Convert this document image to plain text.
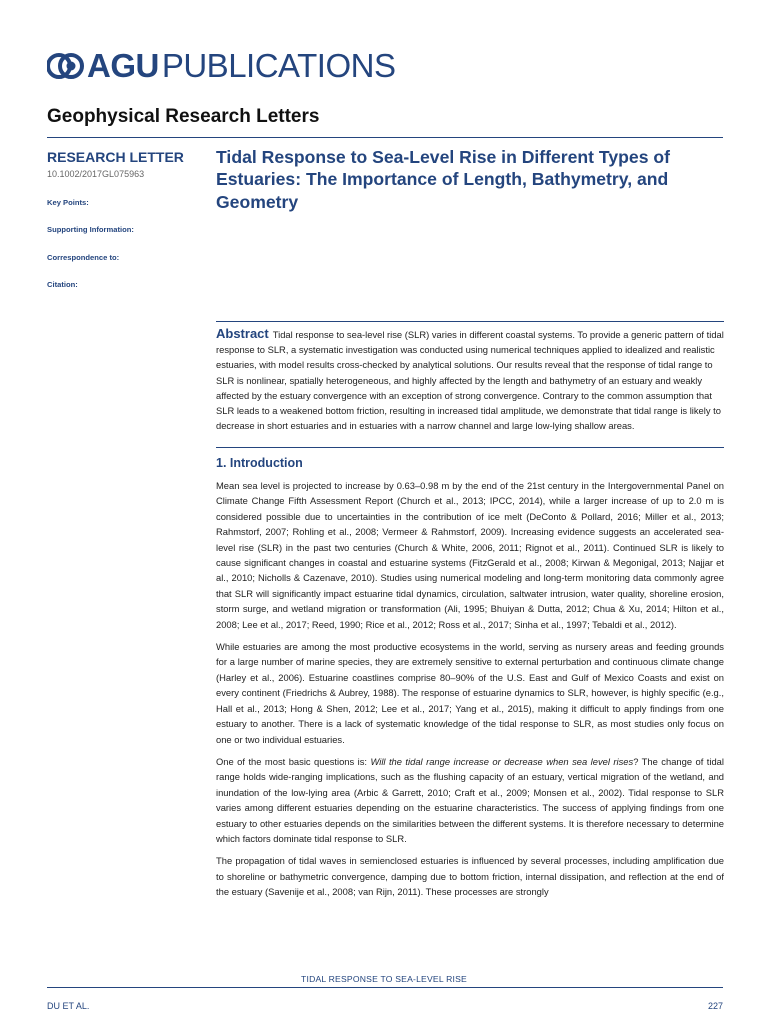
AGU PUBLICATIONS
Geophysical Research Letters
RESEARCH LETTER
10.1002/2017GL075963
Key Points:
Supporting Information:
Correspondence to:
Citation:
Tidal Response to Sea-Level Rise in Different Types of Estuaries: The Importance of Length, Bathymetry, and Geometry

Abstract Tidal response to sea-level rise (SLR) varies in different coastal systems. To provide a generic pattern of tidal response to SLR, a systematic investigation was conducted using numerical techniques applied to idealized and realistic estuaries, with model results cross-checked by analytical solutions. Our results reveal that the response of tidal range to SLR is nonlinear, spatially heterogeneous, and highly affected by the length and bathymetry of an estuary and weakly affected by the estuary convergence with an exception of strong convergence. Contrary to the common assumption that SLR leads to a weakened bottom friction, resulting in increased tidal amplitude, we demonstrate that tidal range is likely to decrease in short estuaries and in estuaries with a narrow channel and large low-lying shallow areas.

1. Introduction

Mean sea level is projected to increase by 0.63–0.98 m by the end of the 21st century in the Intergovernmental Panel on Climate Change Fifth Assessment Report (Church et al., 2013; IPCC, 2014), while a larger increase of up to 2.0 m is considered possible due to uncertainties in the contribution of ice melt (DeConto & Pollard, 2016; Miller et al., 2013; Rahmstorf, 2007; Rohling et al., 2008; Vermeer & Rahmstorf, 2009). Increasing evidence suggests an accelerated sea-level rise (SLR) in the past two centuries (Church & White, 2006, 2011; Rignot et al., 2011). Continued SLR is likely to cause significant changes in coastal and estuarine systems (FitzGerald et al., 2008; Kirwan & Megonigal, 2013; Najjar et al., 2010; Nicholls & Cazenave, 2010). Studies using numerical modeling and long-term monitoring data commonly agree that SLR will significantly impact estuarine tidal dynamics, circulation, saltwater intrusion, water quality, shoreline erosion, storm surge, and wetland migration or transformation (Ali, 1995; Bhuiyan & Dutta, 2012; Chua & Xu, 2014; Hilton et al., 2008; Lee et al., 2017; Reed, 1990; Rice et al., 2012; Ross et al., 2017; Sinha et al., 1997; Tebaldi et al., 2012).

While estuaries are among the most productive ecosystems in the world, serving as nursery areas and feeding grounds for a large number of marine species, they are extremely sensitive to external perturbation and continuous climate change (Harley et al., 2006). Estuarine coastlines comprise 80–90% of the U.S. East and Gulf of Mexico Coasts and exist on every continent (Friedrichs & Aubrey, 1988). The response of estuarine dynamics to SLR, however, is highly specific (e.g., Hall et al., 2013; Hong & Shen, 2012; Lee et al., 2017; Yang et al., 2015), making it difficult to apply findings from one estuary to another. There is a lack of systematic knowledge of the tidal response to SLR, as most studies only focus on one or two individual estuaries.

One of the most basic questions is: Will the tidal range increase or decrease when sea level rises? The change of tidal range holds wide-ranging implications, such as the flushing capacity of an estuary, vertical migration of the wetland, and inundation of the low-lying area (Arbic & Garrett, 2010; Craft et al., 2009; Monsen et al., 2002). Tidal response to SLR varies among different estuaries depending on the estuarine characteristics. The success of applying findings from one estuary to other estuaries depends on the similarities between the different systems. It is therefore necessary to determine which factors dominate tidal response to SLR.

The propagation of tidal waves in semienclosed estuaries is influenced by several processes, including amplification due to shoreline or bathymetric convergence, damping due to bottom friction, internal dissipation, and reflection at the end of the estuary (Savenije et al., 2008; van Rijn, 2011). These processes are strongly

TIDAL RESPONSE TO SEA-LEVEL RISE
DU ET AL.	227
